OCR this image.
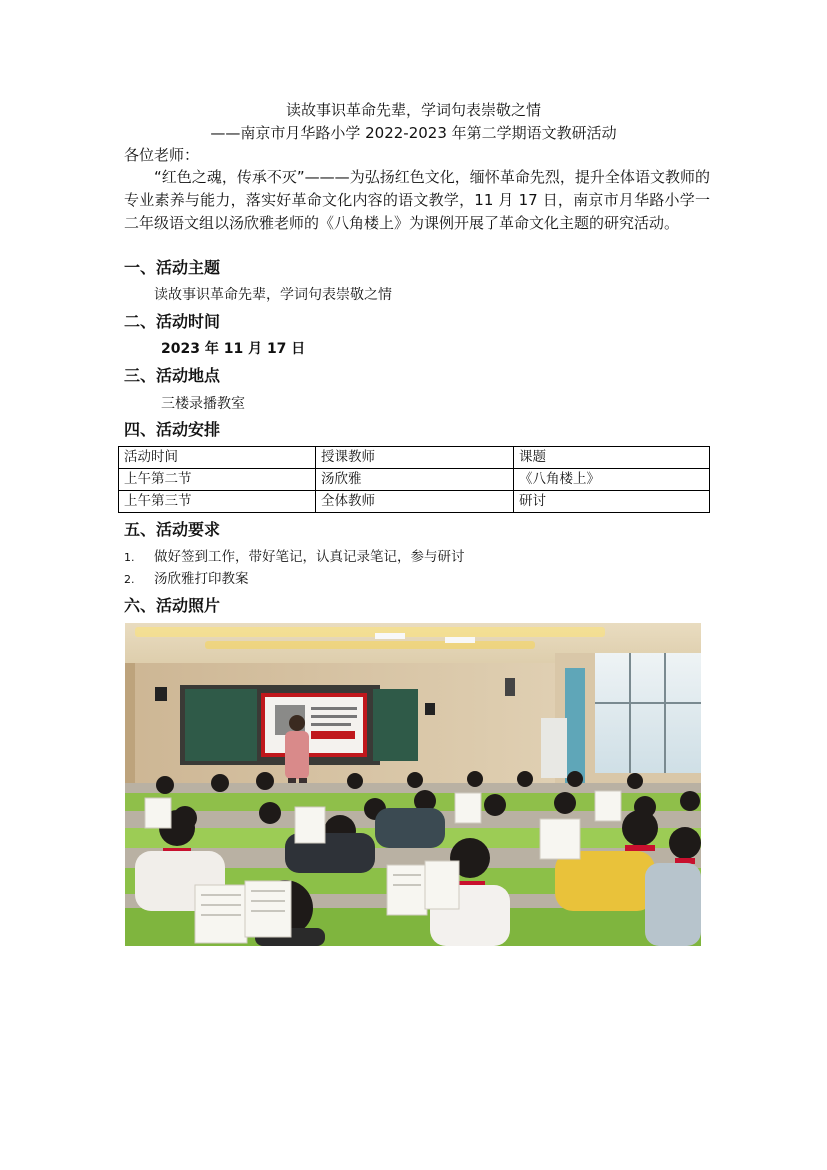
读故事识革命先辈，学词句表崇敬之情
——南京市月华路小学 2022-2023 年第二学期语文教研活动
各位老师：
“红色之魂，传承不灭”———为弘扬红色文化，缅怀革命先烈，提升全体语文教师的专业素养与能力，落实好革命文化内容的语文教学，11 月 17 日，南京市月华路小学一二年级语文组以汤欣雅老师的《八角楼上》为课例开展了革命文化主题的研究活动。
一、活动主题
读故事识革命先辈，学词句表崇敬之情
二、活动时间
2023 年 11 月 17 日
三、活动地点
三楼录播教室
四、活动安排
活动时间	授课教师	课题
上午第二节	汤欣雅	《八角楼上》
上午第三节	全体教师	研讨
五、活动要求
1. 做好签到工作，带好笔记，认真记录笔记，参与研讨
2. 汤欣雅打印教案
六、活动照片
